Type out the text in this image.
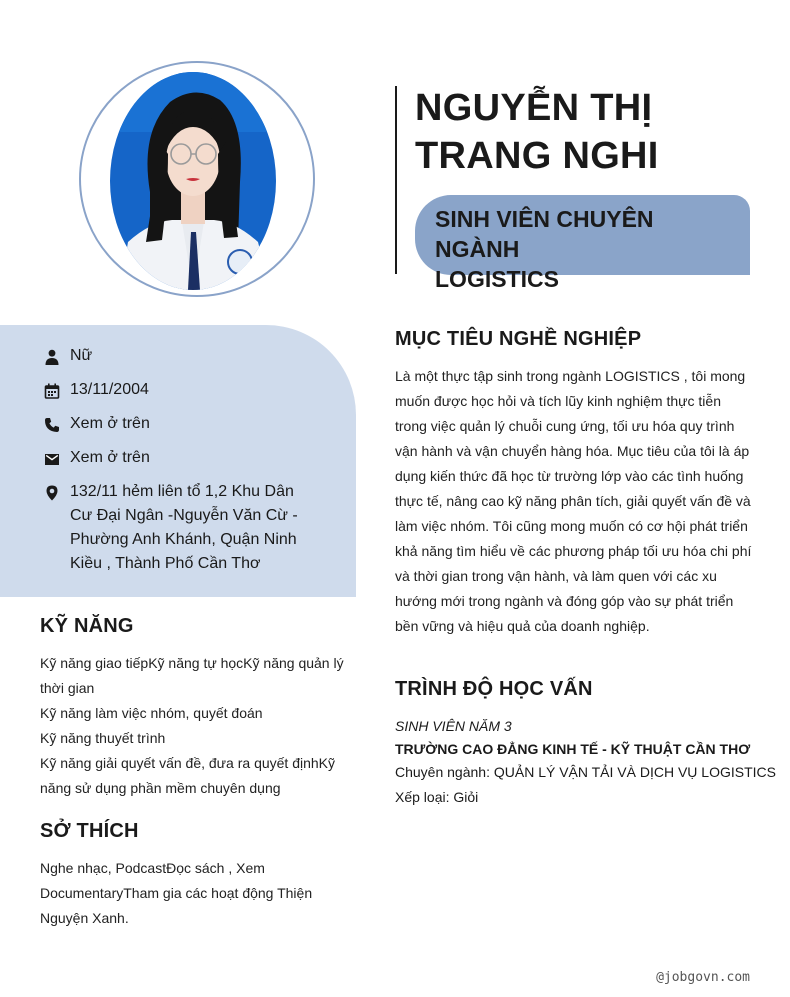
NGUYỄN THỊ
TRANG NGHI
SINH VIÊN CHUYÊN NGÀNH
LOGISTICS
Nữ
13/11/2004
Xem ở trên
Xem ở trên
132/11 hẻm liên tổ 1,2 Khu Dân Cư Đại Ngân -Nguyễn Văn Cừ - Phường Anh Khánh, Quận Ninh Kiều , Thành Phố Cần Thơ
KỸ NĂNG
Kỹ năng giao tiếpKỹ năng tự họcKỹ năng quản lý
thời gian
Kỹ năng làm việc nhóm, quyết đoán
Kỹ năng thuyết trình
Kỹ năng giải quyết vấn đề, đưa ra quyết địnhKỹ
năng sử dụng phần mềm chuyên dụng
SỞ THÍCH
Nghe nhạc, PodcastĐọc sách , Xem
DocumentaryTham gia các hoạt động Thiện
Nguyện Xanh.
MỤC TIÊU NGHỀ NGHIỆP
Là một thực tập sinh trong ngành LOGISTICS , tôi mong
muốn được học hỏi và tích lũy kinh nghiệm thực tiễn
trong việc quản lý chuỗi cung ứng, tối ưu hóa quy trình
vận hành và vận chuyển hàng hóa. Mục tiêu của tôi là áp
dụng kiến thức đã học từ trường lớp vào các tình huống
thực tế, nâng cao kỹ năng phân tích, giải quyết vấn đề và
làm việc nhóm. Tôi cũng mong muốn có cơ hội phát triển
khả năng tìm hiểu về các phương pháp tối ưu hóa chi phí
và thời gian trong vận hành, và làm quen với các xu
hướng mới trong ngành và đóng góp vào sự phát triển
bền vững và hiệu quả của doanh nghiệp.
TRÌNH ĐỘ HỌC VẤN
SINH VIÊN NĂM 3
TRƯỜNG CAO ĐẲNG KINH TẾ - KỸ THUẬT CẦN THƠ
Chuyên ngành: QUẢN LÝ VẬN TẢI VÀ DỊCH VỤ LOGISTICS
Xếp loại: Giỏi
@jobgovn.com
